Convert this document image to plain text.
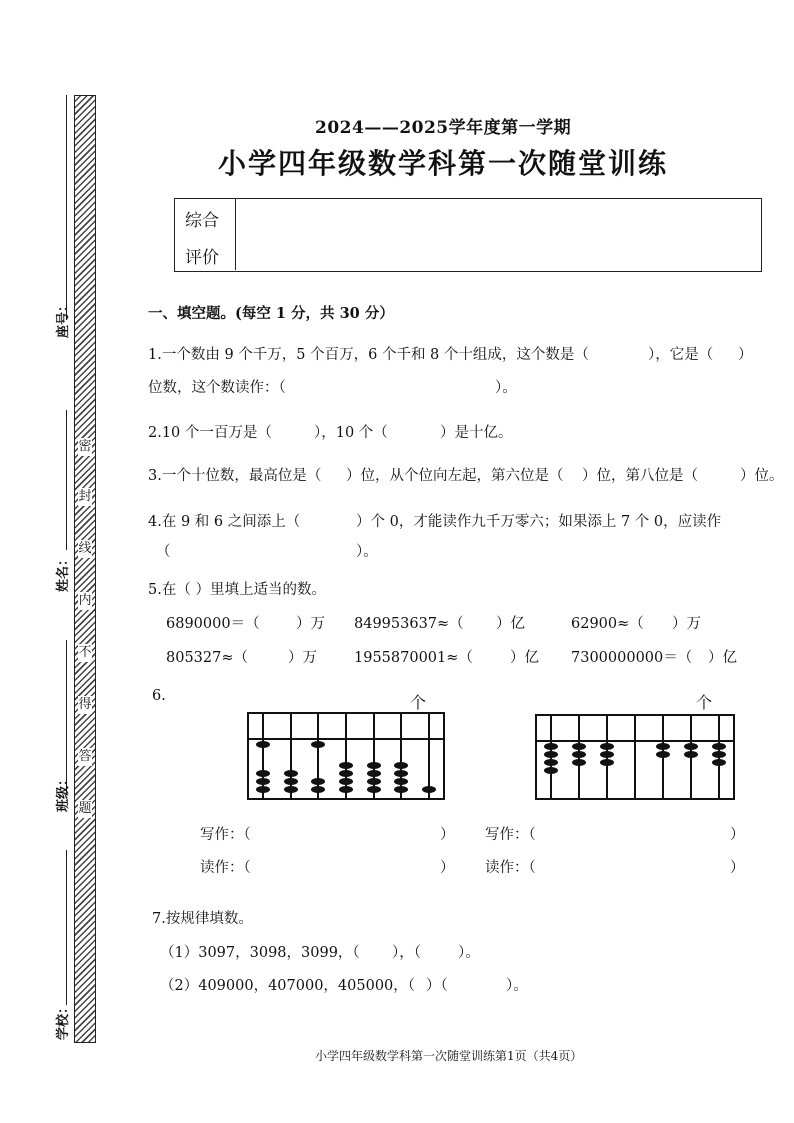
密
封
线
内
不
得
答
题
座号：
姓名：
班级：
学校：
2024——2025学年度第一学期
小学四年级数学科第一次随堂训练
综合
评价
一、填空题。(每空 1 分，共 30 分）
1.一个数由 9 个千万，5 个百万，6 个千和 8 个十组成，这个数是（	），它是（ ）
位数，这个数读作：（	）。
2.10 个一百万是（	），10 个（	）是十亿。
3.一个十位数，最高位是（ ）位，从个位向左起，第六位是（ ）位，第八位是（	）位。
4.在 9 和 6 之间添上（	）个 0，才能读作九千万零六；如果添上 7 个 0，应读作
（	）。
5.在（ ）里填上适当的数。
6890000＝（	）万 849953637≈（ ）亿	62900≈（ ）万
805327≈（	）万	1955870001≈（	）亿 7300000000＝（ ）亿
6.	个	个
写作：（	） 写作：（	）
读作：（	） 读作：（	）
7.按规律填数。
（1）3097，3098，3099，（ ），（	）。
（2）409000，407000，405000，（ ）（	）。
小学四年级数学科第一次随堂训练第1页（共4页）
